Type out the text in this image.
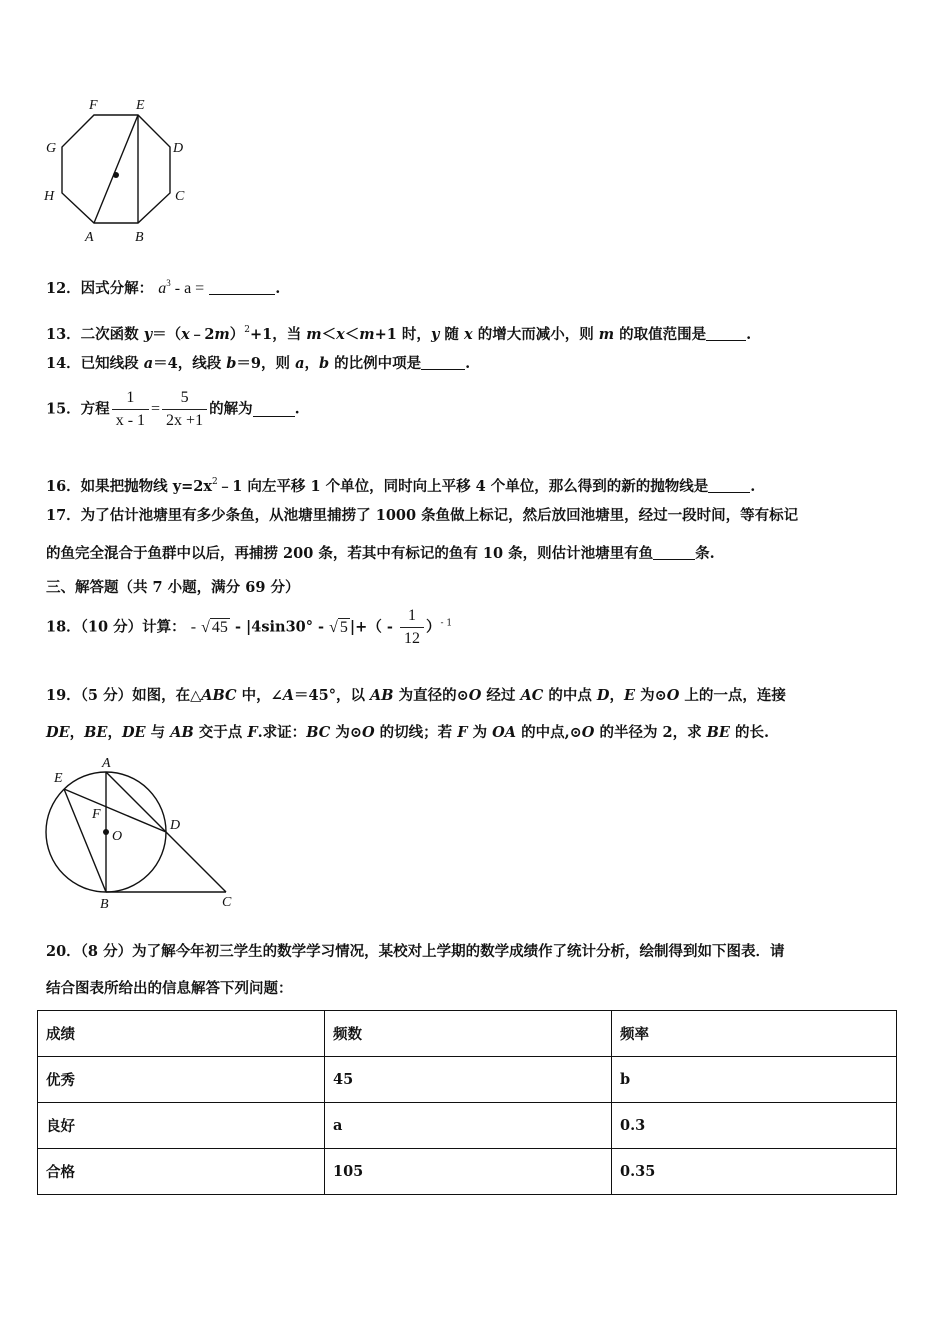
F	E
G	D
H	C
A	B
12．因式分解： $a^3$ - a =	.
13．二次函数 y＝（x﹣2m）$^2$+1，当 m＜x＜m+1 时，y 随 x 的增大而减小，则 m 的取值范围是	.
14．已知线段 a＝4，线段 b＝9，则 a，b 的比例中项是	.
15．方程 $\frac{1}{x - 1} = \frac{5}{2x +1}$ 的解为	.
16．如果把抛物线 $y=2x^2﹣1$ 向左平移 1 个单位，同时向上平移 4 个单位，那么得到的新的抛物线是	.
17．为了估计池塘里有多少条鱼，从池塘里捕捞了 1000 条鱼做上标记，然后放回池塘里，经过一段时间，等有标记
的鱼完全混合于鱼群中以后，再捕捞 200 条，若其中有标记的鱼有 10 条，则估计池塘里有鱼	条.
三、解答题（共 7 小题，满分 69 分）
18．（10 分）计算： - √ 45 - |4sin30° - √ 5 |+（ - $\frac{1}{12} )^{- 1}$
19．（5 分）如图，在△ABC 中，∠A＝45°，以 AB 为直径的⊙O 经过 AC 的中点 D，E 为⊙O 上的一点，连接
DE，BE，DE 与 AB 交于点 F.求证：BC 为⊙O 的切线；若 F 为 OA 的中点,⊙O 的半径为 2，求 BE 的长.
E
A
F
D
O
B	C
20．（8 分）为了解今年初三学生的数学学习情况，某校对上学期的数学成绩作了统计分析，绘制得到如下图表．请
结合图表所给出的信息解答下列问题：
成绩	频数	频率
优秀	45	b
良好	a	0.3
合格	105	0.35
